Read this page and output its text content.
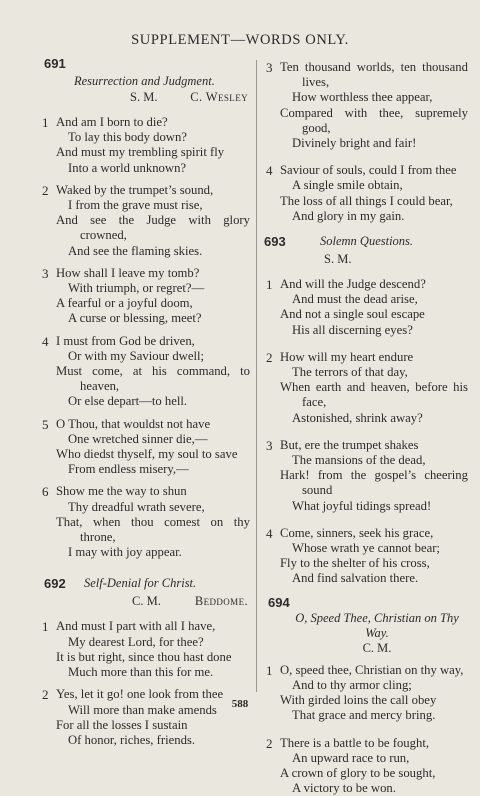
SUPPLEMENT—WORDS ONLY.
691
Resurrection and Judgment.
S. M.	C. Wesley
1 And am I born to die?
To lay this body down?
And must my trembling spirit fly
Into a world unknown?
2 Waked by the trumpet’s sound,
I from the grave must rise,
And see the Judge with glory
crowned,
And see the flaming skies.
3 How shall I leave my tomb?
With triumph, or regret?—
A fearful or a joyful doom,
A curse or blessing, meet?
4 I must from God be driven,
Or with my Saviour dwell;
Must come, at his command, to
heaven,
Or else depart—to hell.
5 O Thou, that wouldst not have
One wretched sinner die,—
Who diedst thyself, my soul to save
From endless misery,—
6 Show me the way to shun
Thy dreadful wrath severe,
That, when thou comest on thy
throne,
I may with joy appear.
692 Self-Denial for Christ.
C. M.	Beddome.
1 And must I part with all I have,
My dearest Lord, for thee?
It is but right, since thou hast done
Much more than this for me.
2 Yes, let it go! one look from thee
Will more than make amends
For all the losses I sustain
Of honor, riches, friends.
3 Ten thousand worlds, ten thousand
lives,
How worthless thee appear,
Compared with thee, supremely
good,
Divinely bright and fair!
4 Saviour of souls, could I from thee
A single smile obtain,
The loss of all things I could bear,
And glory in my gain.
693	Solemn Questions.
S. M.
1 And will the Judge descend?
And must the dead arise,
And not a single soul escape
His all discerning eyes?
2 How will my heart endure
The terrors of that day,
When earth and heaven, before his
face,
Astonished, shrink away?
3 But, ere the trumpet shakes
The mansions of the dead,
Hark! from the gospel’s cheering
sound
What joyful tidings spread!
4 Come, sinners, seek his grace,
Whose wrath ye cannot bear;
Fly to the shelter of his cross,
And find salvation there.
694
O, Speed Thee, Christian on Thy
Way.
C. M.
1 O, speed thee, Christian on thy way,
And to thy armor cling;
With girded loins the call obey
That grace and mercy bring.
2 There is a battle to be fought,
An upward race to run,
A crown of glory to be sought,
A victory to be won.
588
